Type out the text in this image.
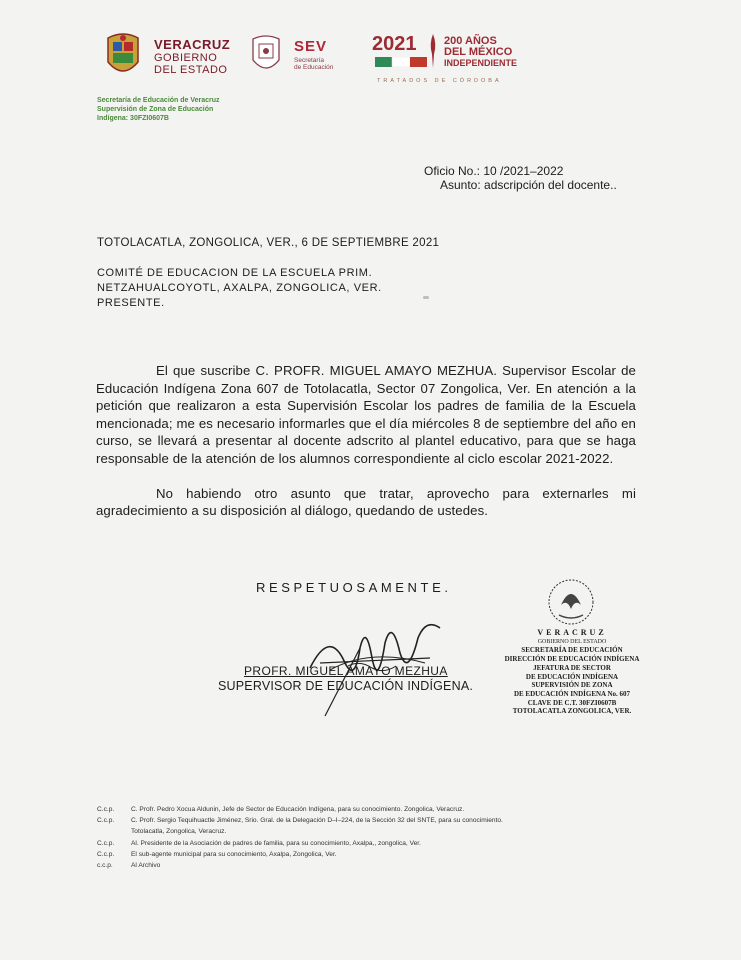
VERACRUZ
GOBIERNO
DEL ESTADO
SEV
Secretaría
de Educación
2021	200 AÑOS
DEL MÉXICO
INDEPENDIENTE
TRATADOS DE CÓRDOBA
Secretaría de Educación de Veracruz
Supervisión de Zona de Educación
Indígena: 30FZI0607B
Oficio No.: 10 /2021–2022
Asunto: adscripción del docente..
TOTOLACATLA, ZONGOLICA, VER., 6 DE SEPTIEMBRE 2021
COMITÉ DE EDUCACION DE LA ESCUELA PRIM.
NETZAHUALCOYOTL, AXALPA, ZONGOLICA, VER.
PRESENTE.

El que suscribe C. PROFR. MIGUEL AMAYO MEZHUA. Supervisor Escolar de Educación Indígena Zona 607 de Totolacatla, Sector 07 Zongolica, Ver. En atención a la petición que realizaron a esta Supervisión Escolar los padres de familia de la Escuela mencionada; me es necesario informarles que el día miércoles 8 de septiembre del año en curso, se llevará a presentar al docente adscrito al plantel educativo, para que se haga responsable de la atención de los alumnos correspondiente al ciclo escolar 2021-2022.

No habiendo otro asunto que tratar, aprovecho para externarles mi agradecimiento a su disposición al diálogo, quedando de ustedes.

RESPETUOSAMENTE.
PROFR. MIGUEL AMAYO MEZHUA
SUPERVISOR DE EDUCACIÓN INDÍGENA.
VERACRUZ
GOBIERNO DEL ESTADO
SECRETARÍA DE EDUCACIÓN
DIRECCIÓN DE EDUCACIÓN INDÍGENA
JEFATURA DE SECTOR
DE EDUCACIÓN INDÍGENA
SUPERVISIÓN DE ZONA
DE EDUCACIÓN INDÍGENA No. 607
CLAVE DE C.T. 30FZI0607B
TOTOLACATLA ZONGOLICA, VER.
C.c.p.	C. Profr. Pedro Xocua Aldunin, Jefe de Sector de Educación Indígena, para su conocimiento. Zongolica, Veracruz.
C.c.p.	C. Profr. Sergio Tequihuactle Jiménez, Srio. Gral. de la Delegación D–I–224, de la Sección 32 del SNTE, para su conocimiento.
Totolacatla, Zongolica, Veracruz.
C.c.p.	Al. Presidente de la Asociación de padres de familia, para su conocimiento, Axalpa,, zongolica, Ver.
C.c.p.	El sub-agente municipal para su conocimiento, Axalpa, Zongolica, Ver.
c.c.p.	Al Archivo
